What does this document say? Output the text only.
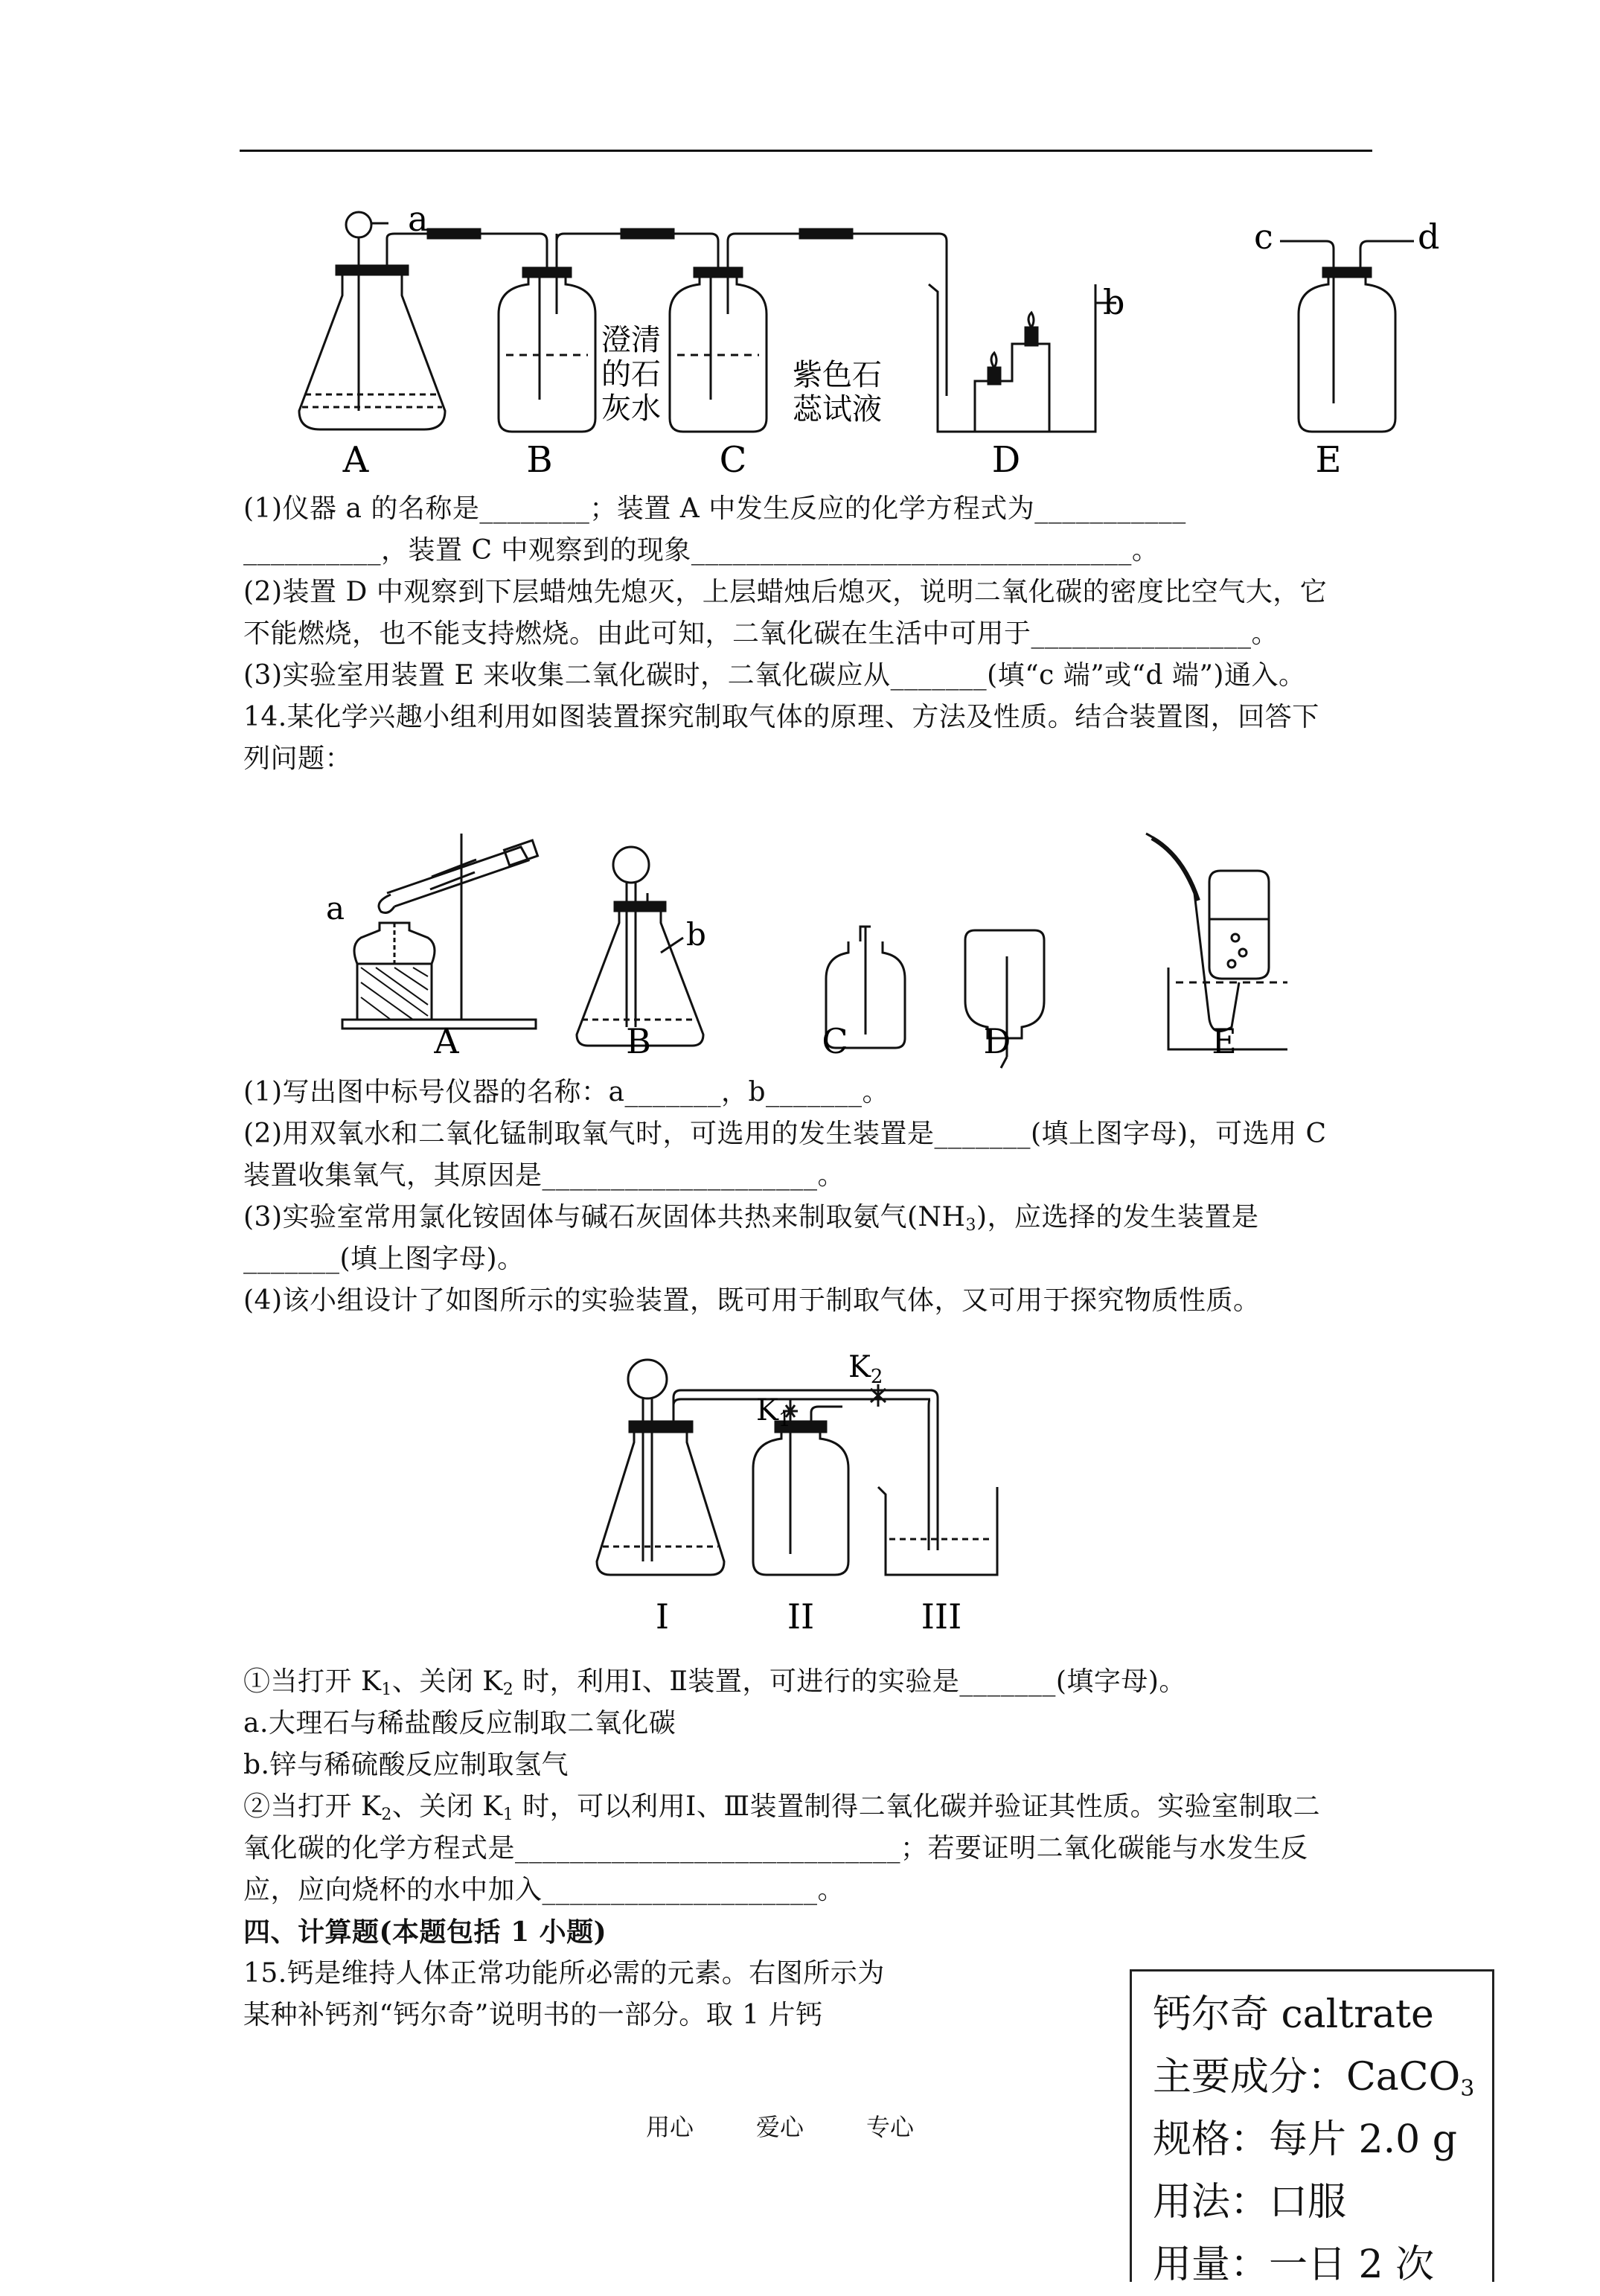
a
b
c	d
澄清
的石
灰水
紫色石
蕊试液
A	B	C	D	E
(1)仪器 a 的名称是________；装置 A 中发生反应的化学方程式为___________
__________，装置 C 中观察到的现象________________________________。
(2)装置 D 中观察到下层蜡烛先熄灭，上层蜡烛后熄灭，说明二氧化碳的密度比空气大，它
不能燃烧，也不能支持燃烧。由此可知，二氧化碳在生活中可用于________________。
(3)实验室用装置 E 来收集二氧化碳时，二氧化碳应从_______(填“c 端”或“d 端”)通入。
14.某化学兴趣小组利用如图装置探究制取气体的原理、方法及性质。结合装置图，回答下
列问题：
a
b
A	B	C	D	E
(1)写出图中标号仪器的名称：a_______，b_______。
(2)用双氧水和二氧化锰制取氧气时，可选用的发生装置是_______(填上图字母)，可选用 C
装置收集氧气，其原因是____________________。
(3)实验室常用氯化铵固体与碱石灰固体共热来制取氨气$(NH_3)$，应选择的发生装置是
_______(填上图字母)。
(4)该小组设计了如图所示的实验装置，既可用于制取气体，又可用于探究物质性质。
$K_1$
$K_2$
I	II	III
①当打开 $K_1$、关闭 $K_2$ 时，利用Ⅰ、Ⅱ装置，可进行的实验是_______(填字母)。
a.大理石与稀盐酸反应制取二氧化碳
b.锌与稀硫酸反应制取氢气
②当打开 $K_2$、关闭 $K_1$ 时，可以利用Ⅰ、Ⅲ装置制得二氧化碳并验证其性质。实验室制取二
氧化碳的化学方程式是____________________________；若要证明二氧化碳能与水发生反
应，应向烧杯的水中加入____________________。
四、计算题(本题包括 1 小题)
15.钙是维持人体正常功能所必需的元素。右图所示为
某种补钙剂“钙尔奇”说明书的一部分。取 1 片钙	钙尔奇 caltrate
主要成分：CaCO$_3$
规格：每片 2.0 g
用法：口服
用量：一日 2 次
用心	爱心	专心
